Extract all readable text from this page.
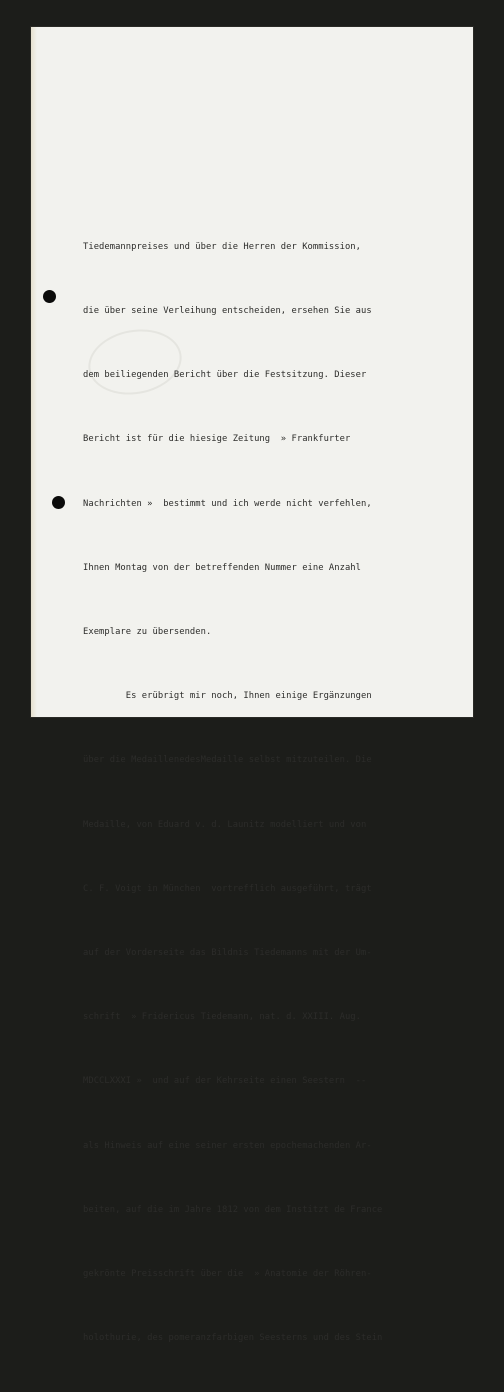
Tiedemannpreises und über die Herren der Kommission,

die über seine Verleihung entscheiden, ersehen Sie aus

dem beiliegenden Bericht über die Festsitzung. Dieser

Bericht ist für die hiesige Zeitung  » Frankfurter

Nachrichten »  bestimmt und ich werde nicht verfehlen,

Ihnen Montag von der betreffenden Nummer eine Anzahl

Exemplare zu übersenden.

Es erübrigt mir noch, Ihnen einige Ergänzungen

über die MedaillenedesMedaille selbst mitzuteilen. Die

Medaille, von Eduard v. d. Launitz modelliert und von

C. F. Voigt in München  vortrefflich ausgeführt, trägt

auf der Vorderseite das Bildnis Tiedemanns mit der Um-

schrift  » Fridericus Tiedemann, nat. d. XXIII. Aug.

MDCCLXXXI »  und auf der Kehrseite einen Seestern  --

als Hinweis auf eine seiner ersten epochemachenden Ar-

beiten, auf die im Jahre 1812 von dem Institzt de France

gekrönte Preisschrift über die  » Anatomie der Röhren-

holothurie, des pomeranzfarbigen Seesterns und des Stein
